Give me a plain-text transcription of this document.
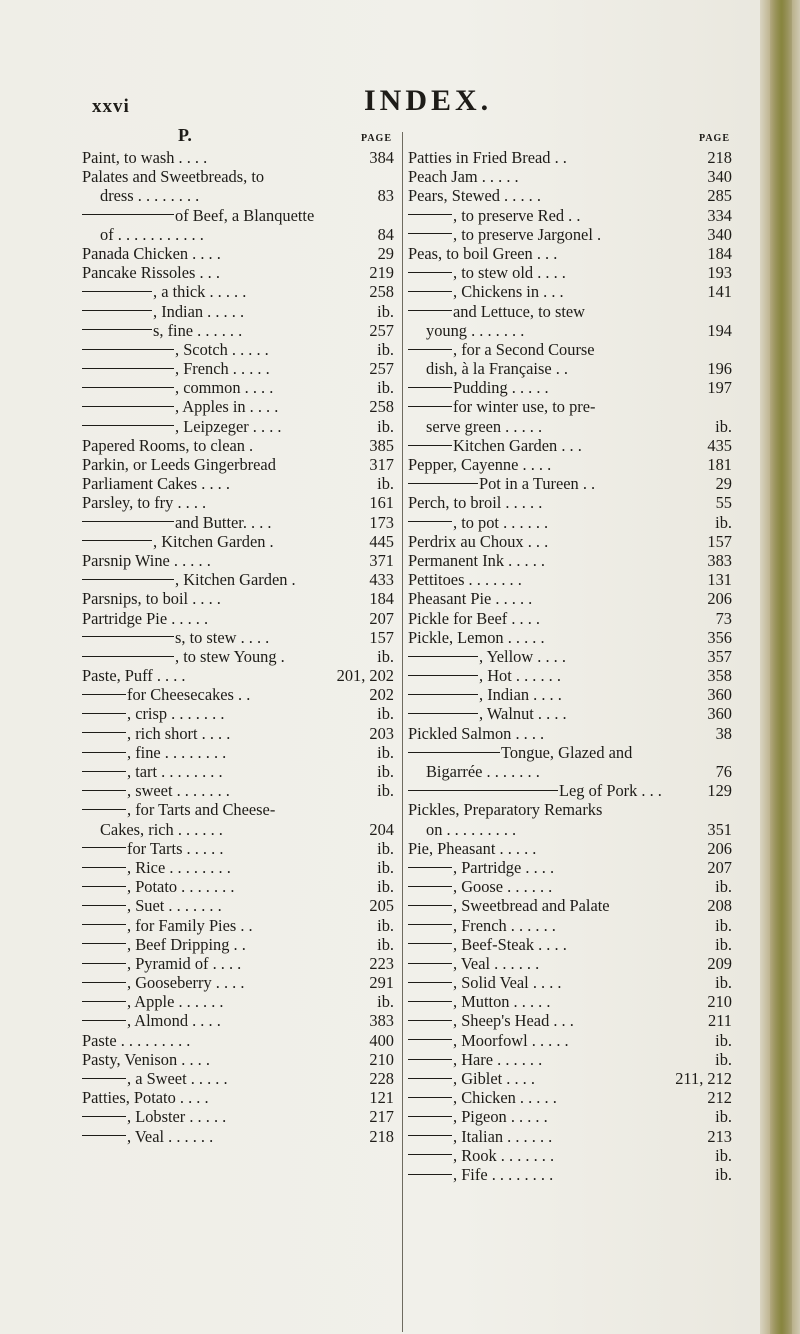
xxvi	INDEX.
P.	PAGE
Paint, to wash . . . .	384
Palates and Sweetbreads, to
dress . . . . . . . .	83
of Beef, a Blanquette
of . . . . . . . . . . .	84
Panada Chicken . . . .	29
Pancake Rissoles . . .	219
, a thick . . . . .	258
, Indian . . . . .	ib.
s, fine . . . . . .	257
, Scotch . . . . .	ib.
, French . . . . .	257
, common . . . .	ib.
, Apples in . . . .	258
, Leipzeger . . . .	ib.
Papered Rooms, to clean .	385
Parkin, or Leeds Gingerbread	317
Parliament Cakes . . . .	ib.
Parsley, to fry . . . .	161
and Butter. . . .	173
, Kitchen Garden .	445
Parsnip Wine . . . . .	371
, Kitchen Garden .	433
Parsnips, to boil . . . .	184
Partridge Pie . . . . .	207
s, to stew . . . .	157
, to stew Young .	ib.
Paste, Puff . . . .	201, 202
for Cheesecakes . .	202
, crisp . . . . . . .	ib.
, rich short . . . .	203
, fine . . . . . . . .	ib.
, tart . . . . . . . .	ib.
, sweet . . . . . . .	ib.
, for Tarts and Cheese-
Cakes, rich . . . . . .	204
for Tarts . . . . .	ib.
, Rice . . . . . . . .	ib.
, Potato . . . . . . .	ib.
, Suet . . . . . . .	205
, for Family Pies . .	ib.
, Beef Dripping . .	ib.
, Pyramid of . . . .	223
, Gooseberry . . . .	291
, Apple . . . . . .	ib.
, Almond . . . .	383
Paste . . . . . . . . .	400
Pasty, Venison . . . .	210
, a Sweet . . . . .	228
Patties, Potato . . . .	121
, Lobster . . . . .	217
, Veal . . . . . .	218
PAGE
Patties in Fried Bread . .	218
Peach Jam . . . . .	340
Pears, Stewed . . . . .	285
, to preserve Red . .	334
, to preserve Jargonel .	340
Peas, to boil Green . . .	184
, to stew old . . . .	193
, Chickens in . . .	141
and Lettuce, to stew
young . . . . . . .	194
, for a Second Course
dish, à la Française . .	196
Pudding . . . . .	197
for winter use, to pre-
serve green . . . . .	ib.
Kitchen Garden . . .	435
Pepper, Cayenne . . . .	181
Pot in a Tureen . .	29
Perch, to broil . . . . .	55
, to pot . . . . . .	ib.
Perdrix au Choux . . .	157
Permanent Ink . . . . .	383
Pettitoes . . . . . . .	131
Pheasant Pie . . . . .	206
Pickle for Beef . . . .	73
Pickle, Lemon . . . . .	356
, Yellow . . . .	357
, Hot . . . . . .	358
, Indian . . . .	360
, Walnut . . . .	360
Pickled Salmon . . . .	38
Tongue, Glazed and
Bigarrée . . . . . . .	76
Leg of Pork . . .	129
Pickles, Preparatory Remarks
on . . . . . . . . .	351
Pie, Pheasant . . . . .	206
, Partridge . . . .	207
, Goose . . . . . .	ib.
, Sweetbread and Palate	208
, French . . . . . .	ib.
, Beef-Steak . . . .	ib.
, Veal . . . . . .	209
, Solid Veal . . . .	ib.
, Mutton . . . . .	210
, Sheep's Head . . .	211
, Moorfowl . . . . .	ib.
, Hare . . . . . .	ib.
, Giblet . . . .	211, 212
, Chicken . . . . .	212
, Pigeon . . . . .	ib.
, Italian . . . . . .	213
, Rook . . . . . . .	ib.
, Fife . . . . . . . .	ib.
